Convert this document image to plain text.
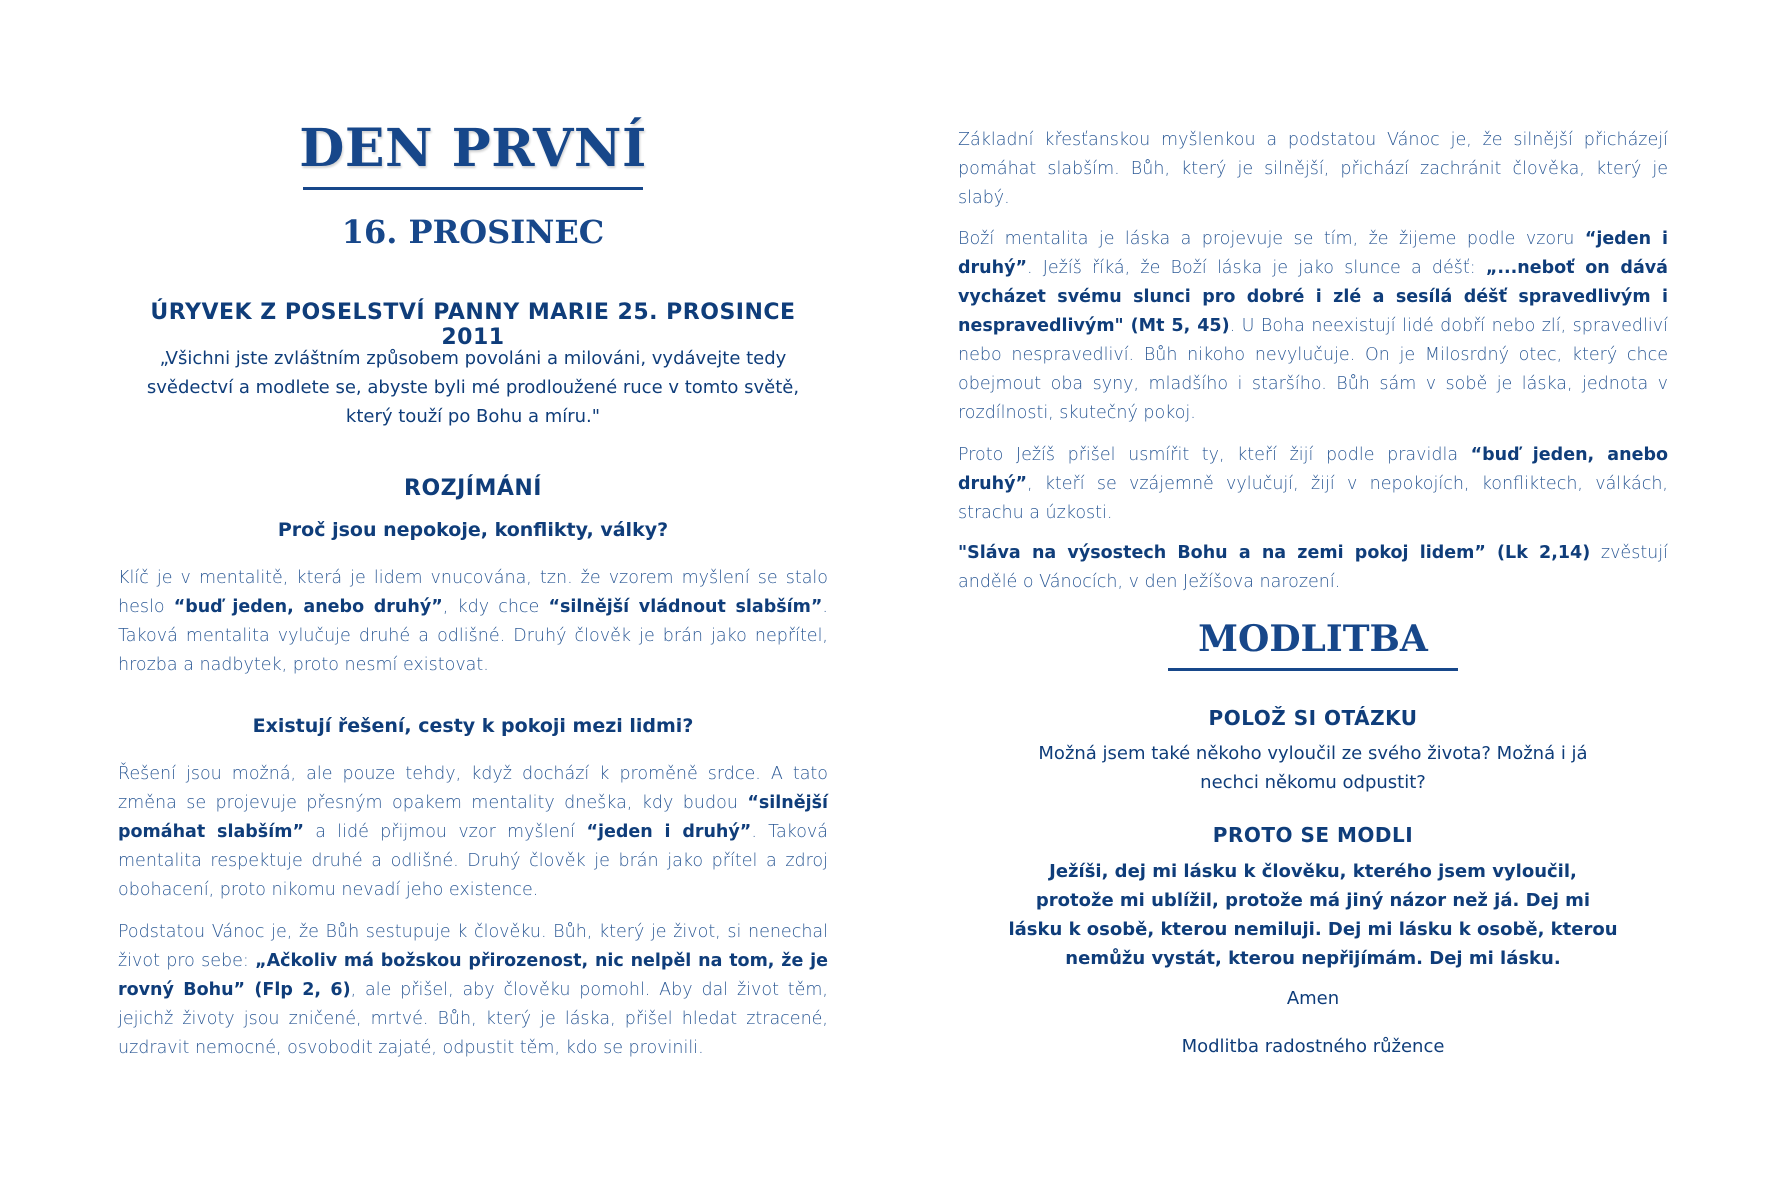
DEN PRVNÍ
16. PROSINEC
ÚRYVEK Z POSELSTVÍ PANNY MARIE 25. PROSINCE 2011

„Všichni jste zvláštním způsobem povoláni a milováni, vydávejte tedy svědectví a modlete se, abyste byli mé prodloužené ruce v tomto světě, který touží po Bohu a míru."

ROZJÍMÁNÍ
Proč jsou nepokoje, konflikty, války?

Klíč je v mentalitě, která je lidem vnucována, tzn. že vzorem myšlení se stalo heslo “buď jeden, anebo druhý”, kdy chce “silnější vládnout slabším”. Taková mentalita vylučuje druhé a odlišné. Druhý člověk je brán jako nepřítel, hrozba a nadbytek, proto nesmí existovat.

Existují řešení, cesty k pokoji mezi lidmi?

Řešení jsou možná, ale pouze tehdy, když dochází k proměně srdce. A tato změna se projevuje přesným opakem mentality dneška, kdy budou “silnější pomáhat slabším” a lidé přijmou vzor myšlení “jeden i druhý”. Taková mentalita respektuje druhé a odlišné. Druhý člověk je brán jako přítel a zdroj obohacení, proto nikomu nevadí jeho existence.

Podstatou Vánoc je, že Bůh sestupuje k člověku. Bůh, který je život, si nenechal život pro sebe: „Ačkoliv má božskou přirozenost, nic nelpěl na tom, že je rovný Bohu” (Flp 2, 6), ale přišel, aby člověku pomohl. Aby dal život těm, jejichž životy jsou zničené, mrtvé. Bůh, který je láska, přišel hledat ztracené, uzdravit nemocné, osvobodit zajaté, odpustit těm, kdo se provinili.

Základní křesťanskou myšlenkou a podstatou Vánoc je, že silnější přicházejí pomáhat slabším. Bůh, který je silnější, přichází zachránit člověka, který je slabý.

Boží mentalita je láska a projevuje se tím, že žijeme podle vzoru “jeden i druhý”. Ježíš říká, že Boží láska je jako slunce a déšť: „...neboť on dává vycházet svému slunci pro dobré i zlé a sesílá déšť spravedlivým i nespravedlivým" (Mt 5, 45). U Boha neexistují lidé dobří nebo zlí, spravedliví nebo nespravedliví. Bůh nikoho nevylučuje. On je Milosrdný otec, který chce obejmout oba syny, mladšího i staršího. Bůh sám v sobě je láska, jednota v rozdílnosti, skutečný pokoj.

Proto Ježíš přišel usmířit ty, kteří žijí podle pravidla “buď jeden, anebo druhý”, kteří se vzájemně vylučují, žijí v nepokojích, konfliktech, válkách, strachu a úzkosti.

"Sláva na výsostech Bohu a na zemi pokoj lidem” (Lk 2,14) zvěstují andělé o Vánocích, v den Ježíšova narození.

MODLITBA
POLOŽ SI OTÁZKU

Možná jsem také někoho vyloučil ze svého života? Možná i já nechci někomu odpustit?

PROTO SE MODLI

Ježíši, dej mi lásku k člověku, kterého jsem vyloučil, protože mi ublížil, protože má jiný názor než já. Dej mi lásku k osobě, kterou nemiluji. Dej mi lásku k osobě, kterou nemůžu vystát, kterou nepřijímám. Dej mi lásku.

Amen

Modlitba radostného růžence
